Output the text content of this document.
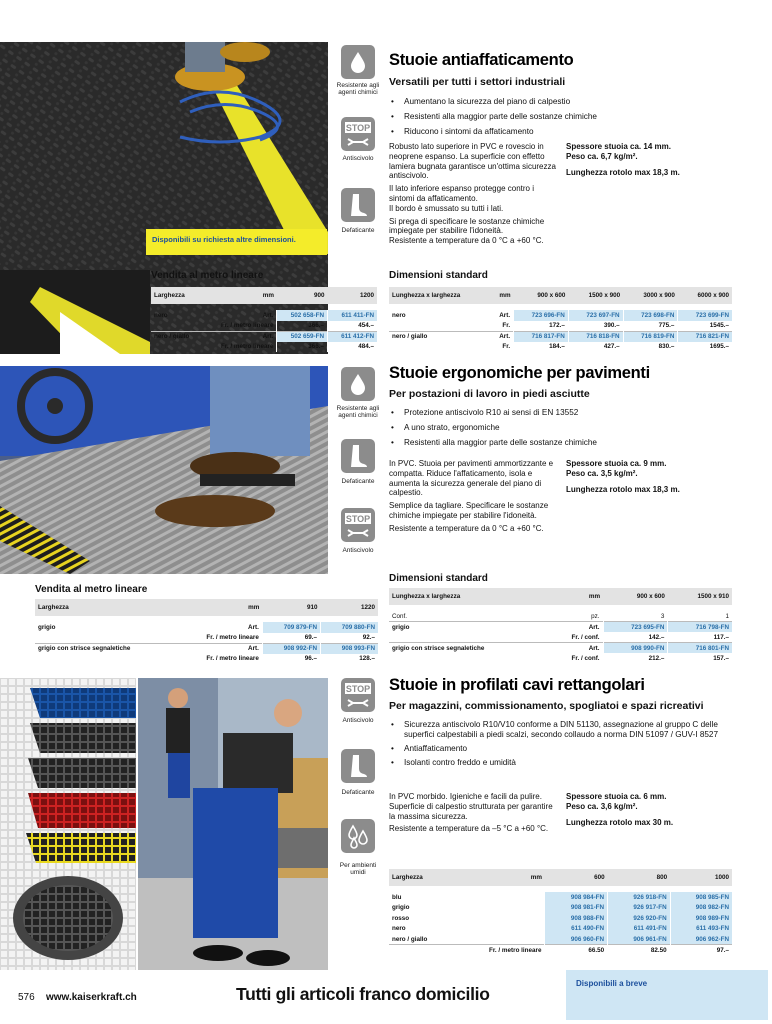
Disponibili su richiesta altre dimensioni.
Resistente agli agenti chimici
STOP
Antiscivolo
Defaticante
Stuoie antiaffaticamento
Versatili per tutti i settori industriali
• Aumentano la sicurezza del piano di calpestio
• Resistenti alla maggior parte delle sostanze chimiche
• Riducono i sintomi da affaticamento

Robusto lato superiore in PVC e rovescio in neoprene espanso. La superficie con effetto lamiera bugnata garantisce un'ottima sicurezza antiscivolo.

Il lato inferiore espanso protegge contro i sintomi da affaticamento.
Il bordo è smussato su tutti i lati.

Si prega di specificare le sostanze chimiche impiegate per stabilire l'idoneità.
Resistente a temperature da 0 °C a +60 °C.

Spessore stuoia ca. 14 mm.
Peso ca. 6,7 kg/m².

Lunghezza rotolo max 18,3 m.

Vendita al metro lineare
Larghezza	mm	900	1200

nero	Art.	502 658-FN	611 411-FN
	Fr. / metro lineare	366.–	454.–
nero / giallo	Art.	502 659-FN	611 412-FN
	Fr. / metro lineare	366.–	484.–
Dimensioni standard
Lunghezza x larghezza	mm	900 x 600	1500 x 900	3000 x 900	6000 x 900

nero	Art.	723 696-FN	723 697-FN	723 698-FN	723 699-FN
	Fr.	172.–	390.–	775.–	1545.–
nero / giallo	Art.	716 817-FN	716 818-FN	716 819-FN	716 821-FN
	Fr.	184.–	427.–	830.–	1695.–
Resistente agli agenti chimici
Defaticante
STOP
Antiscivolo
Stuoie ergonomiche per pavimenti
Per postazioni di lavoro in piedi asciutte
• Protezione antiscivolo R10 ai sensi di EN 13552
• A uno strato, ergonomiche
• Resistenti alla maggior parte delle sostanze chimiche

In PVC. Stuoia per pavimenti ammortizzante e compatta. Riduce l'affaticamento, isola e aumenta la sicurezza generale del piano di calpestio.

Semplice da tagliare. Specificare le sostanze chimiche impiegate per stabilire l'idoneità.

Resistente a temperature da 0 °C a +60 °C.

Spessore stuoia ca. 9 mm.
Peso ca. 3,5 kg/m².

Lunghezza rotolo max 18,3 m.

Vendita al metro lineare
Larghezza	mm	910	1220

grigio	Art.	709 879-FN	709 880-FN
	Fr. / metro lineare	69.–	92.–
grigio con strisce segnaletiche	Art.	908 992-FN	908 993-FN
	Fr. / metro lineare	96.–	128.–
Dimensioni standard
Lunghezza x larghezza	mm	900 x 600	1500 x 910

Conf.	pz.	3	1
grigio	Art.	723 695-FN	716 798-FN
	Fr. / conf.	142.–	117.–
grigio con strisce segnaletiche	Art.	908 990-FN	716 801-FN
	Fr. / conf.	212.–	157.–
STOP
Antiscivolo
Defaticante
Per ambienti umidi
Stuoie in profilati cavi rettangolari
Per magazzini, commissionamento, spogliatoi e spazi ricreativi
• Sicurezza antiscivolo R10/V10 conforme a DIN 51130, assegnazione al gruppo C delle superfici calpestabili a piedi scalzi, secondo collaudo a norma DIN 51097 / GUV-I 8527
• Antiaffaticamento
• Isolanti contro freddo e umidità

In PVC morbido. Igieniche e facili da pulire. Superficie di calpestio strutturata per garantire la massima sicurezza.

Resistente a temperature da –5 °C a +60 °C.

Spessore stuoia ca. 6 mm.
Peso ca. 3,6 kg/m².

Lunghezza rotolo max 30 m.

Larghezza	mm	600	800	1000

blu		908 984-FN	926 918-FN	908 985-FN
grigio		908 981-FN	926 917-FN	908 982-FN
rosso		908 988-FN	926 920-FN	908 989-FN
nero		611 490-FN	611 491-FN	611 493-FN
nero / giallo		906 960-FN	906 961-FN	906 962-FN
	Fr. / metro lineare	66.50	82.50	97.–
Disponibili a breve
576 www.kaiserkraft.ch	Tutti gli articoli franco domicilio
